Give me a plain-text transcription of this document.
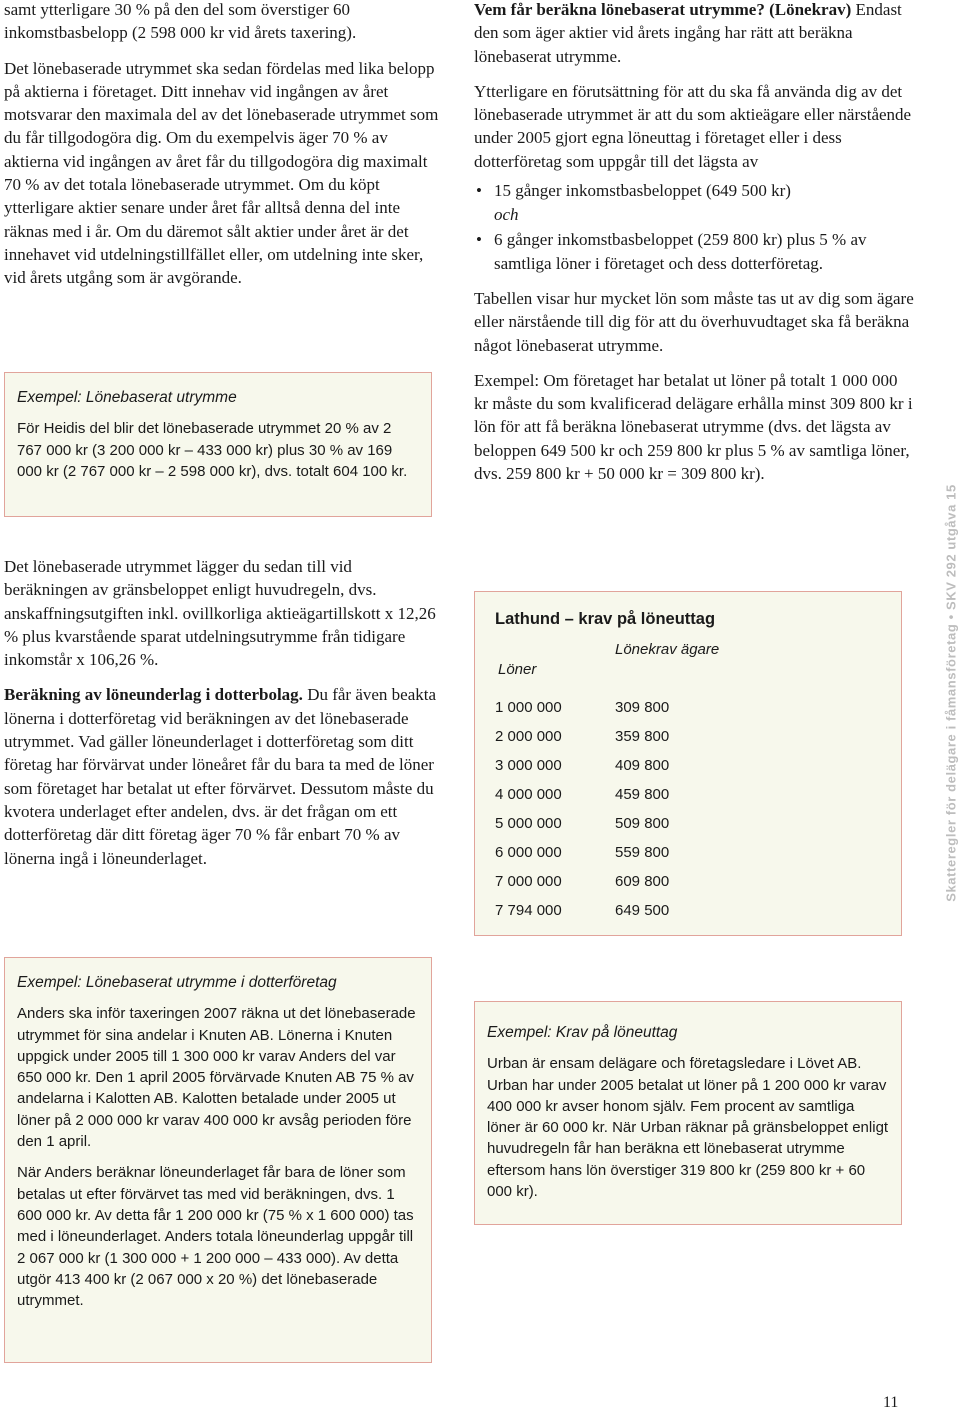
samt ytterligare 30 % på den del som överstiger 60 inkomstbasbelopp (2 598 000 kr vid årets taxering).

Det lönebaserade utrymmet ska sedan fördelas med lika belopp på aktierna i företaget. Ditt innehav vid ingången av året motsvarar den maximala del av det lönebaserade utrymmet som du får tillgodogöra dig. Om du exempelvis äger 70 % av aktierna vid ingången av året får du tillgodogöra dig maximalt 70 % av det totala lönebaserade utrymmet. Om du köpt ytterligare aktier senare under året får alltså denna del inte räknas med i år. Om du däremot sålt aktier under året är det innehavet vid utdelningstillfället eller, om utdelning inte sker, vid årets utgång som är avgörande.

Det lönebaserade utrymmet lägger du sedan till vid beräkningen av gränsbeloppet enligt huvudregeln, dvs. anskaffningsutgiften inkl. ovillkorliga aktieägartillskott x 12,26 % plus kvarstående sparat utdelningsutrymme från tidigare inkomstår x 106,26 %.

Beräkning av löneunderlag i dotterbolag. Du får även beakta lönerna i dotterföretag vid beräkningen av det lönebaserade utrymmet. Vad gäller löneunderlaget i dotterföretag som ditt företag har förvärvat under löneåret får du bara ta med de löner som företaget har betalat ut efter förvärvet. Dessutom måste du kvotera underlaget efter andelen, dvs. är det frågan om ett dotterföretag där ditt företag äger 70 % får enbart 70 % av lönerna ingå i löneunderlaget.

Exempel: Lönebaserat utrymme

För Heidis del blir det lönebaserade utrymmet 20 % av 2 767 000 kr (3 200 000 kr – 433 000 kr) plus 30 % av 169 000 kr (2 767 000 kr – 2 598 000 kr), dvs. totalt 604 100 kr.

Exempel: Lönebaserat utrymme i dotterföretag

Anders ska inför taxeringen 2007 räkna ut det lönebaserade utrymmet för sina andelar i Knuten AB. Lönerna i Knuten uppgick under 2005 till 1 300 000 kr varav Anders del var 650 000 kr. Den 1 april 2005 förvärvade Knuten AB 75 % av andelarna i Kalotten AB. Kalotten betalade under 2005 ut löner på 2 000 000 kr varav 400 000 kr avsåg perioden före den 1 april.

När Anders beräknar löneunderlaget får bara de löner som betalas ut efter förvärvet tas med vid beräkningen, dvs. 1 600 000 kr. Av detta får 1 200 000 kr (75 % x 1 600 000) tas med i löneunderlaget. Anders totala löneunderlag uppgår till 2 067 000 kr (1 300 000 + 1 200 000 – 433 000). Av detta utgör 413 400 kr (2 067 000 x 20 %) det lönebaserade utrymmet.

Vem får beräkna lönebaserat utrymme? (Lönekrav) Endast den som äger aktier vid årets ingång har rätt att beräkna lönebaserat utrymme.

Ytterligare en förutsättning för att du ska få använda dig av det lönebaserade utrymmet är att du som aktieägare eller närstående under 2005 gjort egna löneuttag i företaget eller i dess dotterföretag som uppgår till det lägsta av

• 15 gånger inkomstbasbeloppet (649 500 kr)
och
• 6 gånger inkomstbasbeloppet (259 800 kr) plus 5 % av samtliga löner i företaget och dess dotterföretag.

Tabellen visar hur mycket lön som måste tas ut av dig som ägare eller närstående till dig för att du överhuvudtaget ska få beräkna något lönebaserat utrymme.

Exempel: Om företaget har betalat ut löner på totalt 1 000 000 kr måste du som kvalificerad delägare erhålla minst 309 800 kr i lön för att få beräkna lönebaserat utrymme (dvs. det lägsta av beloppen 649 500 kr och 259 800 kr plus 5 % av samtliga löner, dvs. 259 800 kr + 50 000 kr = 309 800 kr).

Lathund – krav på löneuttag

Löner
Lönekrav ägare
1 000 000	309 800
2 000 000	359 800
3 000 000	409 800
4 000 000	459 800
5 000 000	509 800
6 000 000	559 800
7 000 000	609 800
7 794 000	649 500

Exempel: Krav på löneuttag

Urban är ensam delägare och företagsledare i Lövet AB. Urban har under 2005 betalat ut löner på 1 200 000 kr varav 400 000 kr avser honom själv. Fem procent av samtliga löner är 60 000 kr. När Urban räknar på gränsbeloppet enligt huvudregeln får han beräkna ett lönebaserat utrymme eftersom hans lön överstiger 319 800 kr (259 800 kr + 60 000 kr).

Skatteregler för delägare i fåmansföretag • SKV 292 utgåva 15
11
